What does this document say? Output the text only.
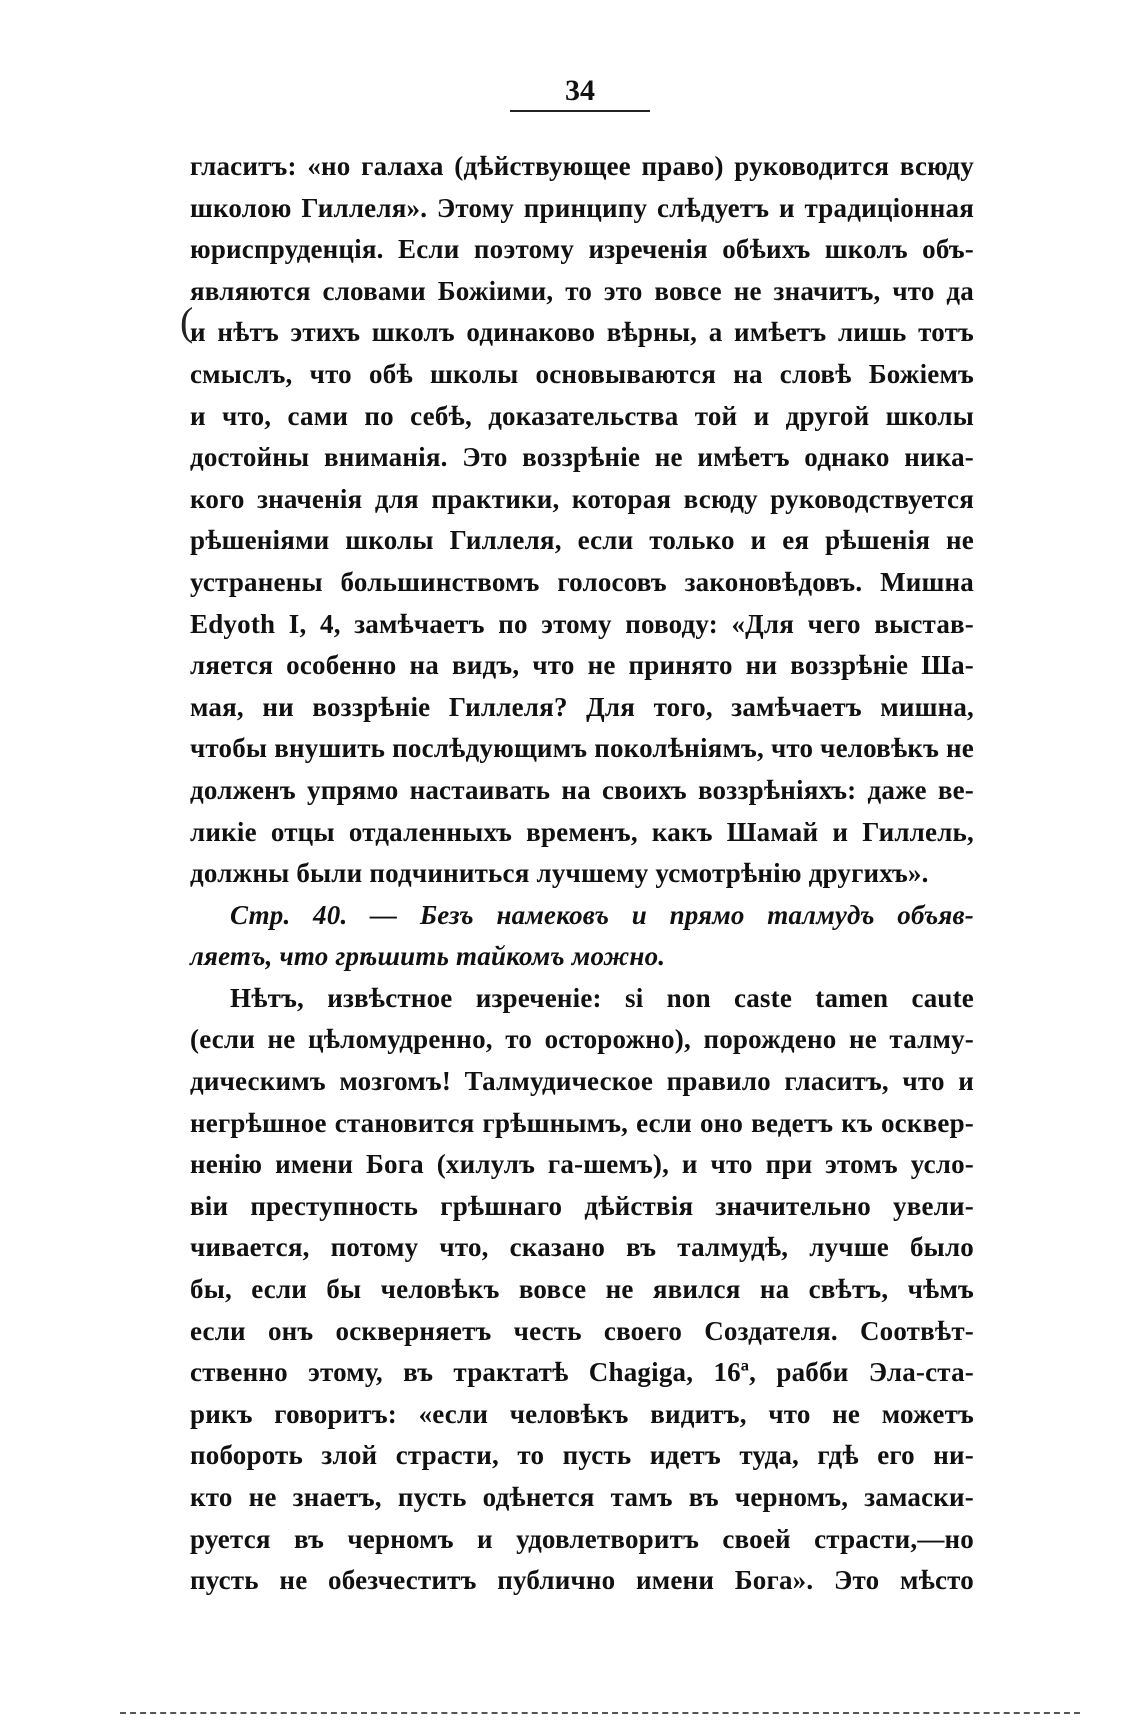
34
(
гласитъ: «но галаха (дѣйствующее право) руководится всюду
школою Гиллеля». Этому принципу слѣдуетъ и традиціонная
юриспруденція. Если поэтому изреченія обѣихъ школъ объ-
являются словами Божіими, то это вовсе не значитъ, что да
и нѣтъ этихъ школъ одинаково вѣрны, а имѣетъ лишь тотъ
смыслъ, что обѣ школы основываются на словѣ Божіемъ
и что, сами по себѣ, доказательства той и другой школы
достойны вниманія. Это воззрѣніе не имѣетъ однако ника-
кого значенія для практики, которая всюду руководствуется
рѣшеніями школы Гиллеля, если только и ея рѣшенія не
устранены большинствомъ голосовъ законовѣдовъ. Мишна
Edyoth I, 4, замѣчаетъ по этому поводу: «Для чего выстав-
ляется особенно на видъ, что не принято ни воззрѣніе Ша-
мая, ни воззрѣніе Гиллеля? Для того, замѣчаетъ мишна,
чтобы внушить послѣдующимъ поколѣніямъ, что человѣкъ не
долженъ упрямо настаивать на своихъ воззрѣніяхъ: даже ве-
ликіе отцы отдаленныхъ временъ, какъ Шамай и Гиллель,
должны были подчиниться лучшему усмотрѣнію другихъ».
Стр. 40. — Безъ намековъ и прямо талмудъ объяв-
ляетъ, что грѣшить тайкомъ можно.
Нѣтъ, извѣстное изреченіе: si non caste tamen caute
(если не цѣломудренно, то осторожно), порождено не талму-
дическимъ мозгомъ! Талмудическое правило гласитъ, что и
негрѣшное становится грѣшнымъ, если оно ведетъ къ осквер-
ненію имени Бога (хилулъ га-шемъ), и что при этомъ усло-
віи преступность грѣшнаго дѣйствія значительно увели-
чивается, потому что, сказано въ талмудѣ, лучше было
бы, если бы человѣкъ вовсе не явился на свѣтъ, чѣмъ
если онъ оскверняетъ честь своего Создателя. Соотвѣт-
ственно этому, въ трактатѣ Chagiga, 16ª, рабби Эла-ста-
рикъ говоритъ: «если человѣкъ видитъ, что не можетъ
побороть злой страсти, то пусть идетъ туда, гдѣ его ни-
кто не знаетъ, пусть одѣнется тамъ въ черномъ, замаски-
руется въ черномъ и удовлетворитъ своей страсти,—но
пусть не обезчеститъ публично имени Бога». Это мѣсто
